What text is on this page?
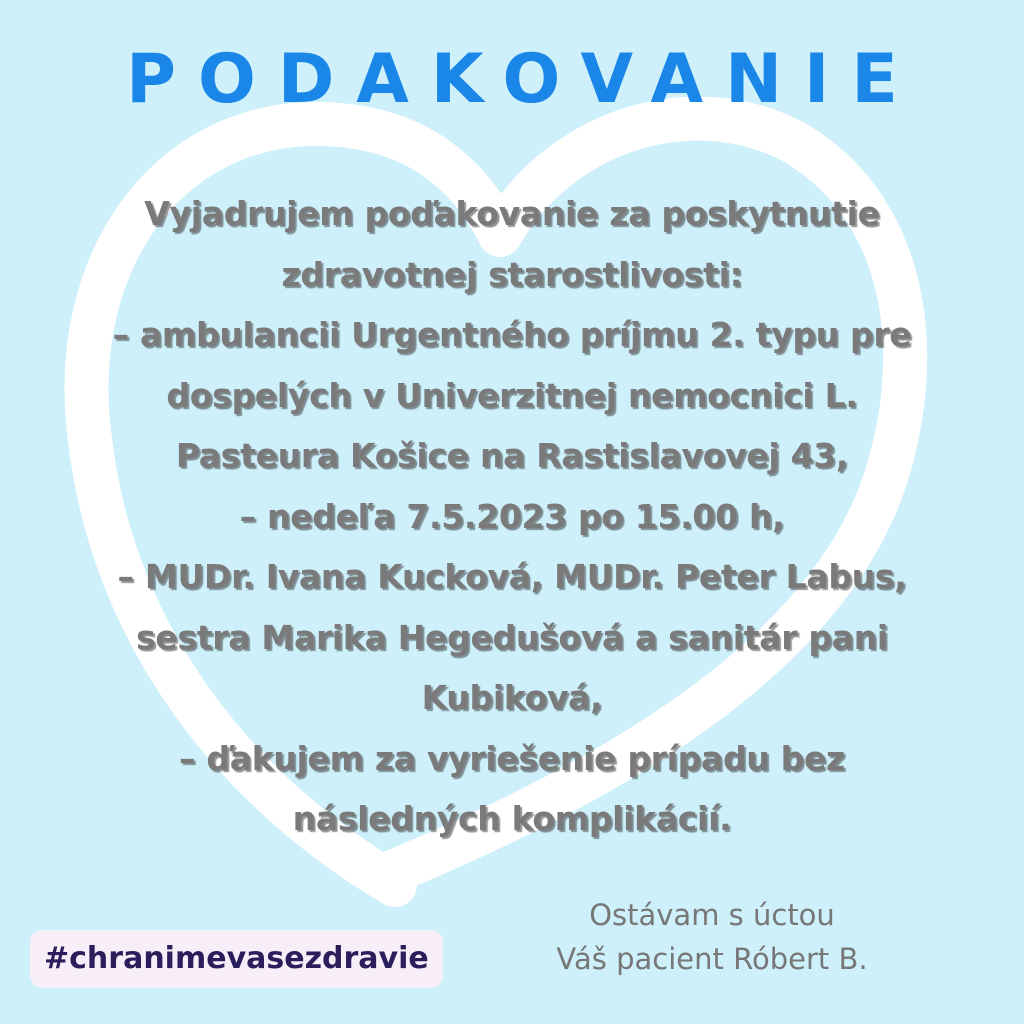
PODAKOVANIE
Vyjadrujem poďakovanie za poskytnutie
zdravotnej starostlivosti:
– ambulancii Urgentného príjmu 2. typu pre
dospelých v Univerzitnej nemocnici L.
Pasteura Košice na Rastislavovej 43,
– nedeľa 7.5.2023 po 15.00 h,
– MUDr. Ivana Kucková, MUDr. Peter Labus,
sestra Marika Hegedušová a sanitár pani
Kubiková,
– ďakujem za vyriešenie prípadu bez
následných komplikácií.
#chranimevasezdravie
Ostávam s úctou
Váš pacient Róbert B.
